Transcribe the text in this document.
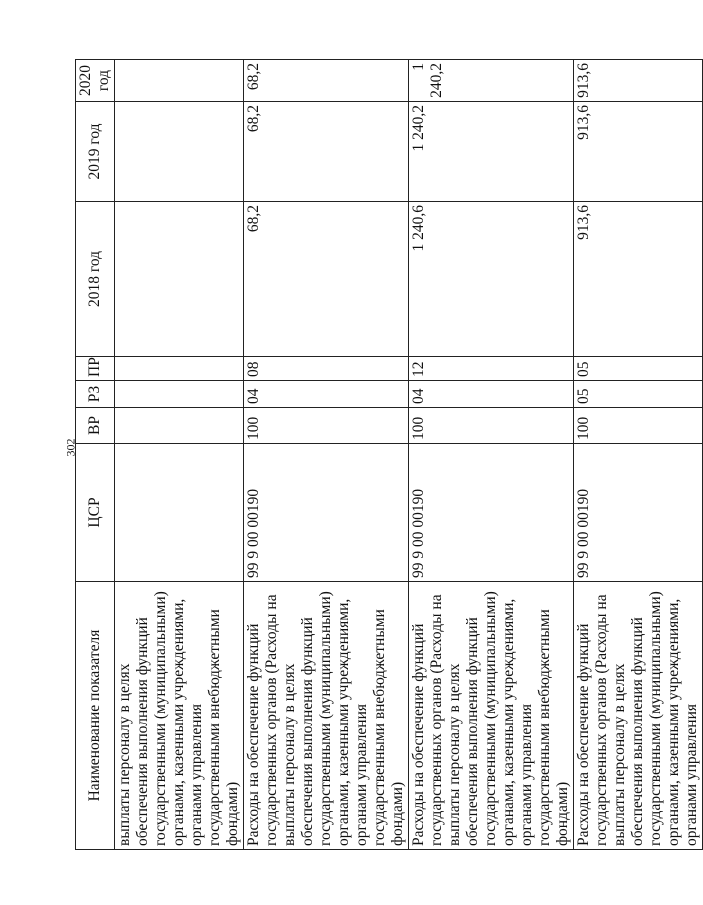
302
Наименование показателя	ЦСР	ВР	РЗ	ПР	2018 год	2019 год	2020 год
выплаты персоналу в целях обеспечения выполнения функций государственными (муниципальными) органами, казенными учреждениями, органами управления государственными внебюджетными фондами)							
Расходы на обеспечение функций государственных органов (Расходы на выплаты персоналу в целях обеспечения выполнения функций государственными (муниципальными) органами, казенными учреждениями, органами управления государственными внебюджетными фондами)	99 9 00 00190	100	04	08	68,2	68,2	68,2
Расходы на обеспечение функций государственных органов (Расходы на выплаты персоналу в целях обеспечения выполнения функций государственными (муниципальными) органами, казенными учреждениями, органами управления государственными внебюджетными фондами)	99 9 00 00190	100	04	12	1 240,6	1 240,2	1 240,2
Расходы на обеспечение функций государственных органов (Расходы на выплаты персоналу в целях обеспечения выполнения функций государственными (муниципальными) органами, казенными учреждениями, органами управления	99 9 00 00190	100	05	05	913,6	913,6	913,6
